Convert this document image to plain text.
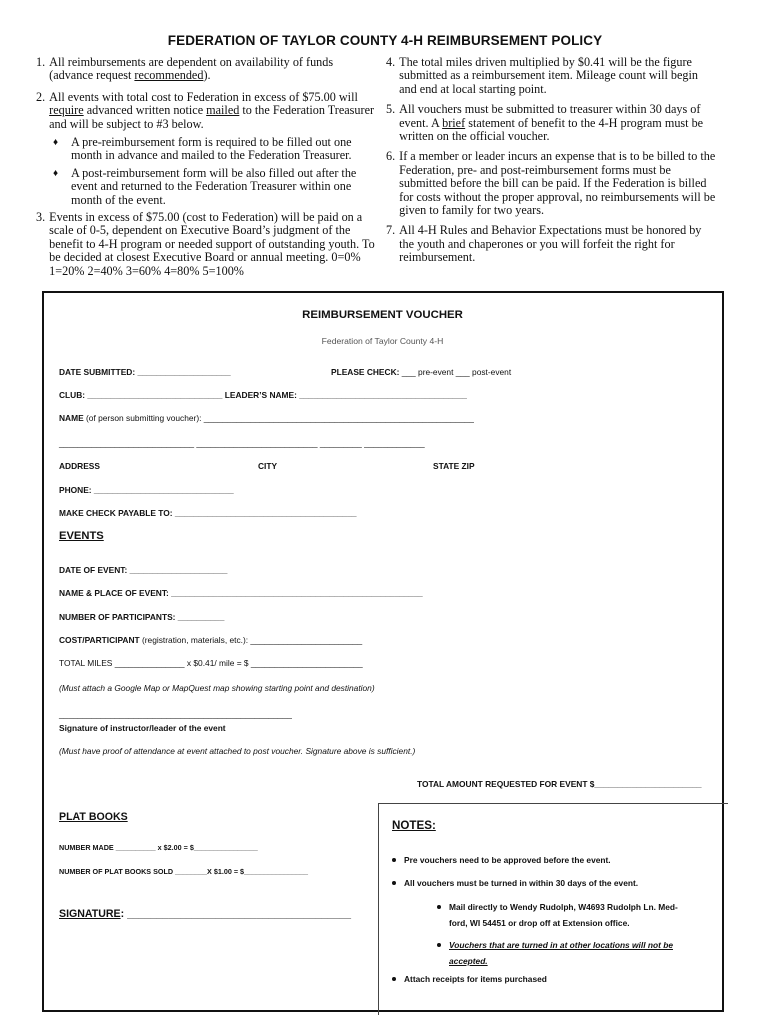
FEDERATION OF TAYLOR COUNTY 4-H REIMBURSEMENT POLICY
1. All reimbursements are dependent on availability of funds (advance request recommended).
2. All events with total cost to Federation in excess of $75.00 will require advanced written notice mailed to the Federation Treasurer and will be subject to #3 below.
♦	A pre-reimbursement form is required to be filled out one month in advance and mailed to the Federation Treasurer.
♦	A post-reimbursement form will be also filled out after the event and returned to the Federation Treasurer within one month of the event.
3. Events in excess of $75.00 (cost to Federation) will be paid on a scale of 0-5, dependent on Executive Board’s judgment of the benefit to 4-H program or needed support of outstanding youth. To be decided at closest Executive Board or annual meeting. 0=0% 1=20% 2=40% 3=60% 4=80% 5=100%
4. The total miles driven multiplied by $0.41 will be the figure submitted as a reimbursement item. Mileage count will begin and end at local starting point.
5. All vouchers must be submitted to treasurer within 30 days of event. A brief statement of benefit to the 4-H program must be written on the official voucher.
6. If a member or leader incurs an expense that is to be billed to the Federation, pre- and post-reimbursement forms must be submitted before the bill can be paid. If the Federation is billed for costs without the proper approval, no reimbursements will be given to family for two years.
7. All 4-H Rules and Behavior Expectations must be honored by the youth and chaperones or you will forfeit the right for reimbursement.
REIMBURSEMENT VOUCHER
Federation of Taylor County 4-H
DATE SUBMITTED: ____________________	PLEASE CHECK: ___ pre-event ___ post-event
CLUB: _____________________________ LEADER’S NAME: ____________________________________
NAME (of person submitting voucher): __________________________________________________________
_____________________________ __________________________ _________ _____________
ADDRESS	CITY	STATE ZIP
PHONE: ______________________________
MAKE CHECK PAYABLE TO: _______________________________________
EVENTS
DATE OF EVENT: _____________________
NAME & PLACE OF EVENT: ______________________________________________________
NUMBER OF PARTICIPANTS: __________
COST/PARTICIPANT (registration, materials, etc.): ________________________
TOTAL MILES _______________ x $0.41/ mile = $ ________________________
(Must attach a Google Map or MapQuest map showing starting point and destination)
__________________________________________________
Signature of instructor/leader of the event
(Must have proof of attendance at event attached to post voucher. Signature above is sufficient.)
TOTAL AMOUNT REQUESTED FOR EVENT $_______________________
PLAT BOOKS
NUMBER MADE __________ x $2.00 = $________________
NUMBER OF PLAT BOOKS SOLD ________X $1.00 = $________________
SIGNATURE: ______________________________________
NOTES:
Pre vouchers need to be approved before the event.
All vouchers must be turned in within 30 days of the event.
Mail directly to Wendy Rudolph, W4693 Rudolph Ln. Med-
ford, WI 54451 or drop off at Extension office.
Vouchers that are turned in at other locations will not be
accepted.
Attach receipts for items purchased
